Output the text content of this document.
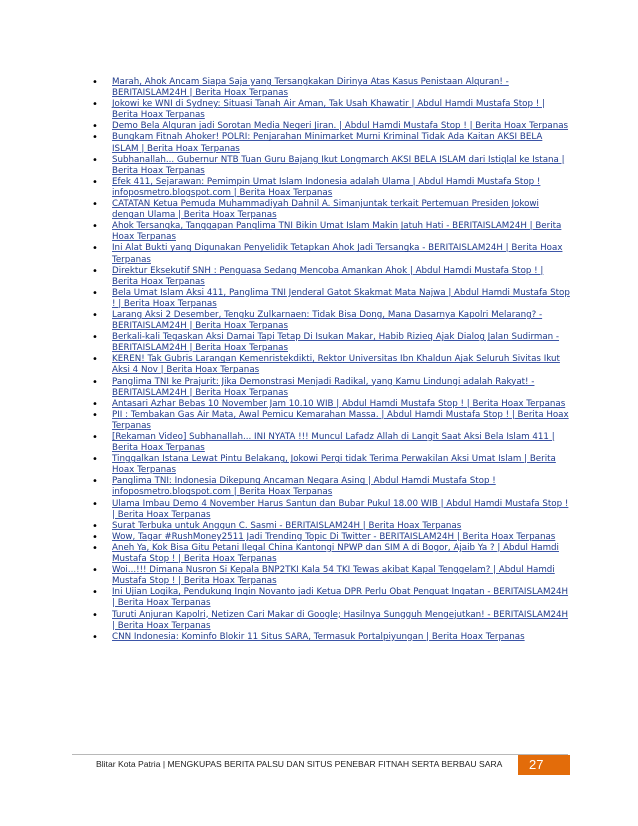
• Marah, Ahok Ancam Siapa Saja yang Tersangkakan Dirinya Atas Kasus Penistaan Alquran! - BERITAISLAM24H | Berita Hoax Terpanas
• Jokowi ke WNI di Sydney: Situasi Tanah Air Aman, Tak Usah Khawatir | Abdul Hamdi Mustafa Stop ! | Berita Hoax Terpanas
• Demo Bela Alquran jadi Sorotan Media Negeri Jiran. | Abdul Hamdi Mustafa Stop ! | Berita Hoax Terpanas
• Bungkam Fitnah Ahoker! POLRI: Penjarahan Minimarket Murni Kriminal Tidak Ada Kaitan AKSI BELA ISLAM | Berita Hoax Terpanas
• Subhanallah... Gubernur NTB Tuan Guru Bajang Ikut Longmarch AKSI BELA ISLAM dari Istiqlal ke Istana | Berita Hoax Terpanas
• Efek 411, Sejarawan: Pemimpin Umat Islam Indonesia adalah Ulama | Abdul Hamdi Mustafa Stop ! infoposmetro.blogspot.com | Berita Hoax Terpanas
• CATATAN Ketua Pemuda Muhammadiyah Dahnil A. Simanjuntak terkait Pertemuan Presiden Jokowi dengan Ulama | Berita Hoax Terpanas
• Ahok Tersangka, Tanggapan Panglima TNI Bikin Umat Islam Makin Jatuh Hati - BERITAISLAM24H | Berita Hoax Terpanas
• Ini Alat Bukti yang Digunakan Penyelidik Tetapkan Ahok Jadi Tersangka - BERITAISLAM24H | Berita Hoax Terpanas
• Direktur Eksekutif SNH : Penguasa Sedang Mencoba Amankan Ahok | Abdul Hamdi Mustafa Stop ! | Berita Hoax Terpanas
• Bela Umat Islam Aksi 411, Panglima TNI Jenderal Gatot Skakmat Mata Najwa | Abdul Hamdi Mustafa Stop ! | Berita Hoax Terpanas
• Larang Aksi 2 Desember, Tengku Zulkarnaen: Tidak Bisa Dong, Mana Dasarnya Kapolri Melarang? - BERITAISLAM24H | Berita Hoax Terpanas
• Berkali-kali Tegaskan Aksi Damai Tapi Tetap Di Isukan Makar, Habib Rizieq Ajak Dialog Jalan Sudirman - BERITAISLAM24H | Berita Hoax Terpanas
• KEREN! Tak Gubris Larangan Kemenristekdikti, Rektor Universitas Ibn Khaldun Ajak Seluruh Sivitas Ikut Aksi 4 Nov | Berita Hoax Terpanas
• Panglima TNI ke Prajurit: Jika Demonstrasi Menjadi Radikal, yang Kamu Lindungi adalah Rakyat! - BERITAISLAM24H | Berita Hoax Terpanas
• Antasari Azhar Bebas 10 November Jam 10.10 WIB | Abdul Hamdi Mustafa Stop ! | Berita Hoax Terpanas
• PII : Tembakan Gas Air Mata, Awal Pemicu Kemarahan Massa. | Abdul Hamdi Mustafa Stop ! | Berita Hoax Terpanas
• [Rekaman Video] Subhanallah... INI NYATA !!! Muncul Lafadz Allah di Langit Saat Aksi Bela Islam 411 | Berita Hoax Terpanas
• Tinggalkan Istana Lewat Pintu Belakang, Jokowi Pergi tidak Terima Perwakilan Aksi Umat Islam | Berita Hoax Terpanas
• Panglima TNI: Indonesia Dikepung Ancaman Negara Asing | Abdul Hamdi Mustafa Stop ! infoposmetro.blogspot.com | Berita Hoax Terpanas
• Ulama Imbau Demo 4 November Harus Santun dan Bubar Pukul 18.00 WIB | Abdul Hamdi Mustafa Stop ! | Berita Hoax Terpanas
• Surat Terbuka untuk Anggun C. Sasmi - BERITAISLAM24H | Berita Hoax Terpanas
• Wow, Tagar #RushMoney2511 Jadi Trending Topic Di Twitter - BERITAISLAM24H | Berita Hoax Terpanas
• Aneh Ya, Kok Bisa Gitu Petani Ilegal China Kantongi NPWP dan SIM A di Bogor, Ajaib Ya ? | Abdul Hamdi Mustafa Stop ! | Berita Hoax Terpanas
• Woi...!!! Dimana Nusron Si Kepala BNP2TKI Kala 54 TKI Tewas akibat Kapal Tenggelam? | Abdul Hamdi Mustafa Stop ! | Berita Hoax Terpanas
• Ini Ujian Logika, Pendukung Ingin Novanto jadi Ketua DPR Perlu Obat Penguat Ingatan - BERITAISLAM24H | Berita Hoax Terpanas
• Turuti Anjuran Kapolri, Netizen Cari Makar di Google; Hasilnya Sungguh Mengejutkan! - BERITAISLAM24H | Berita Hoax Terpanas
• CNN Indonesia: Kominfo Blokir 11 Situs SARA, Termasuk Portalpiyungan | Berita Hoax Terpanas
Blitar Kota Patria | MENGKUPAS BERITA PALSU DAN SITUS PENEBAR FITNAH SERTA BERBAU SARA	27
